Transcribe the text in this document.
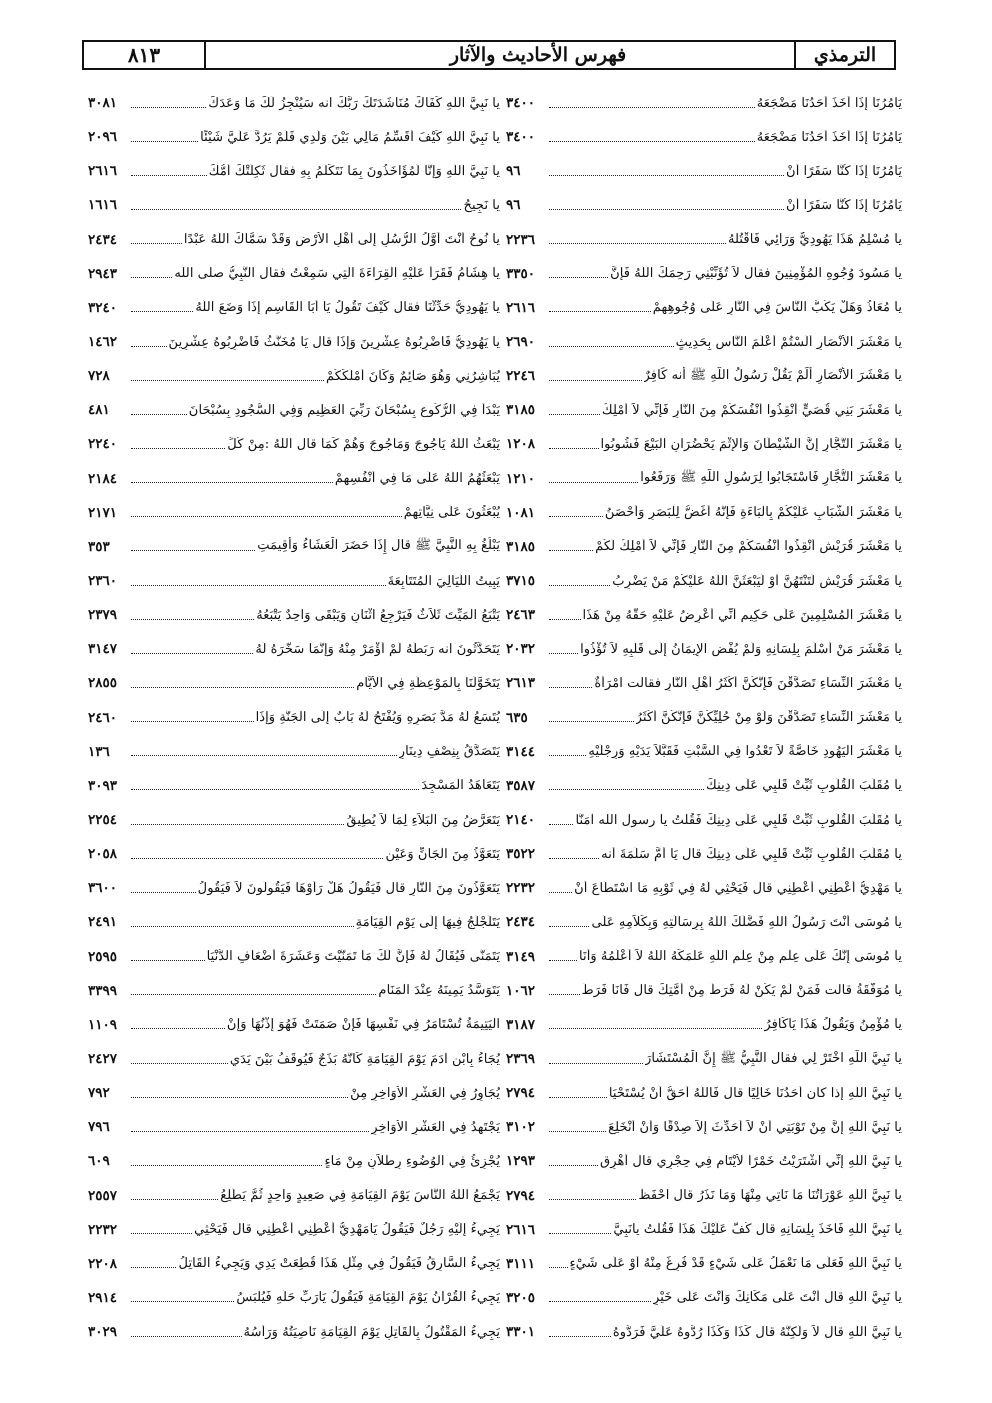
الترمذي
فهرس الأحاديث والآثار
٨١٣
يَأْمُرُنَا إِذَا أَخَذَ أَحَدُنَا مَضْجَعَهُ
٣٤٠٠
يَأْمُرُنَا إِذَا أَخَذَ أَحَدُنَا مَضْجَعَهُ
٣٤٠٠
يَأْمُرُنَا إِذَا كُنَّا سَفَرًا أَنْ
٩٦
يَأْمُرُنَا إِذَا كُنَّا سَفَرًا أَنْ
٩٦
يا مُسْلِمُ هَذَا يَهُودِيٌّ وَرَائِي فَاقْتُلْهُ
٢٢٣٦
يا مَسُودَ وُجُوهِ الْمُؤْمِنِينَ فقال لاَ تُؤَنِّبْنِي رَحِمَكَ اللَّهُ فَإِنَّ
٣٣٥٠
يا مُعَاذُ وَهَلْ يَكُبُّ النَّاسَ فِي النَّارِ عَلَى وُجُوهِهِمْ
٢٦١٦
يا مَعْشَرَ الأَنْصَارِ أَلَسْتُمْ أَعْلَمَ النَّاسِ بِحَدِيثٍ
٢٦٩٠
يا مَعْشَرَ الأَنْصَارِ أَلَمْ يَقُلْ رَسُولُ اللَّهِ ﷺ أنه كَافِرٌ
٢٢٤٦
يا مَعْشَرَ بَنِي قُصَيٍّ أَنْقِذُوا أَنْفُسَكُمْ مِنَ النَّارِ فَإِنِّي لاَ أَمْلِكُ
٣١٨٥
يا مَعْشَرَ التُّجَّارِ إِنَّ الشَّيْطَانَ وَالإِثْمَ يَحْضُرَانِ الْبَيْعَ فَشُوبُوا
١٢٠٨
يا مَعْشَرَ التُّجَّارِ فَاسْتَجَابُوا لِرَسُولِ اللَّهِ ﷺ وَرَفَعُوا
١٢١٠
يا مَعْشَرَ الشَّبَابِ عَلَيْكُمْ بِالْبَاءَةِ فَإِنَّهُ أَغَضُّ لِلْبَصَرِ وَأَحْصَنُ
١٠٨١
يا مَعْشَرَ قُرَيْشٍ أَنْقِذُوا أَنْفُسَكُمْ مِنَ النَّارِ فَإِنِّي لاَ أَمْلِكُ لَكُمْ
٣١٨٥
يا مَعْشَرَ قُرَيْشٍ لَتَنْتَهُنَّ أَوْ لَيَبْعَثَنَّ اللَّهُ عَلَيْكُمْ مَنْ يَضْرِبُ
٣٧١٥
يا مَعْشَرَ الْمُسْلِمِينَ عَلَى حَكِيمٍ أَنِّي أَعْرِضُ عَلَيْهِ حَقَّهُ مِنْ هَذَا
٢٤٦٣
يا مَعْشَرَ مَنْ أَسْلَمَ بِلِسَانِهِ وَلَمْ يُفْضِ الإِيمَانُ إِلَى قَلْبِهِ لاَ تُؤْذُوا
٢٠٣٢
يا مَعْشَرَ النِّسَاءِ تَصَدَّقْنَ فَإِنَّكُنَّ أَكْثَرُ أَهْلِ النَّارِ فقالت امْرَأَةٌ
٢٦١٣
يا مَعْشَرَ النِّسَاءِ تَصَدَّقْنَ وَلَوْ مِنْ حُلِيِّكُنَّ فَإِنَّكُنَّ أَكْثَرُ
٦٣٥
يا مَعْشَرَ الْيَهُودِ خَاصَّةً لاَ تَعْدُوا فِي السَّبْتِ فَقَبَّلاَ يَدَيْهِ وَرِجْلَيْهِ
٣١٤٤
يا مُقَلِّبَ الْقُلُوبِ ثَبِّتْ قَلْبِي عَلَى دِينِكَ
٣٥٨٧
يا مُقَلِّبَ الْقُلُوبِ ثَبِّتْ قَلْبِي عَلَى دِينِكَ فَقُلْتُ يا رسول الله آمَنَّا
٢١٤٠
يا مُقَلِّبَ الْقُلُوبِ ثَبِّتْ قَلْبِي عَلَى دِينِكَ قال يَا أُمَّ سَلَمَةَ أنه
٣٥٢٢
يا مَهْدِيُّ أَعْطِنِي أَعْطِنِي قال فَيَحْثِي لَهُ فِي ثَوْبِهِ مَا اسْتَطَاعَ أَنْ
٢٢٣٢
يا مُوسَى أَنْتَ رَسُولُ اللَّهِ فَضَّلَكَ اللَّهُ بِرِسَالَتِهِ وَبِكَلاَمِهِ عَلَى
٢٤٣٤
يا مُوسَى إِنَّكَ عَلَى عِلْمٍ مِنْ عِلْمِ اللَّهِ عَلَّمَكَهُ اللَّهُ لاَ أَعْلَمُهُ وَأَنَا
٣١٤٩
يا مُوَفَّقَةُ قالت فَمَنْ لَمْ يَكُنْ لَهُ فَرَطٌ مِنْ أُمَّتِكَ قال فَأَنَا فَرَطُ
١٠٦٢
يا مُؤْمِنُ وَيَقُولُ هَذَا يَاكَافِرُ
٣١٨٧
يا نَبِيَّ اللَّهِ اخْتَرْ لِي فقال النَّبِيُّ ﷺ إِنَّ الْمُسْتَشَارَ
٢٣٦٩
يا نَبِيَّ اللَّهِ إذا كان أَحَدُنَا خَالِيًا قال فَاللَّهُ أَحَقُّ أَنْ يُسْتَحْيَا
٢٧٩٤
يا نَبِيَّ اللَّهِ إِنَّ مِنْ تَوْبَتِي أَنْ لاَ أُحَدِّثَ إِلاَّ صِدْقًا وَأَنْ أَنْخَلِعَ
٣١٠٢
يا نَبِيَّ اللَّهِ إِنِّي اشْتَرَيْتُ خَمْرًا لأَيْتَامٍ فِي حِجْرِي قال أَهْرِقِ
١٢٩٣
يا نَبِيَّ اللَّهِ عَوْرَاتُنَا مَا نَأْتِي مِنْهَا وَمَا نَذَرُ قال احْفَظْ
٢٧٩٤
يا نَبِيَّ اللَّهِ فَأَخَذَ بِلِسَانِهِ قال كُفَّ عَلَيْكَ هَذَا فَقُلْتُ يانَبِيَّ
٢٦١٦
يا نَبِيَّ اللَّهِ فَعَلَى مَا نَعْمَلُ عَلَى شَيْءٍ قَدْ فُرِغَ مِنْهُ أَوْ عَلَى شَيْءٍ
٣١١١
يا نَبِيَّ اللَّهِ قال أَنْتَ عَلَى مَكَانِكَ وَأَنْتَ عَلَى خَيْرٍ
٣٢٠٥
يا نَبِيَّ اللَّهِ قال لاَ وَلَكِنَّهُ قال كَذَا وَكَذَا رُدُّوهُ عَلَيَّ فَرَدُّوهُ
٣٣٠١
يا نَبِيَّ اللَّهِ كَفَاكَ مُنَاشَدَتَكَ رَبَّكَ انه سَيُنْجِزُ لَكَ مَا وَعَدَكَ
٣٠٨١
يا نَبِيَّ اللَّهِ كَيْفَ أُقَسِّمُ مَالِي بَيْنَ وَلَدِي فَلَمْ يَرُدَّ عَلَيَّ شَيْئًا
٢٠٩٦
يا نَبِيَّ اللَّهِ وَإِنَّا لَمُؤَاخَذُونَ بِمَا نَتَكَلَّمُ بِهِ فقال ثَكِلَتْكَ أُمُّكَ
٢٦١٦
يا نَجِيحُ
١٦١٦
يا نُوحُ أَنْتَ أَوَّلُ الرُّسُلِ إِلَى أَهْلِ الأَرْضِ وَقَدْ سَمَّاكَ اللَّهُ عَبْدًا
٢٤٣٤
يا هِشَامُ فَقَرَأَ عَلَيْهِ الْقِرَاءَةَ الَّتِي سَمِعْتُ فقال النَّبِيُّ صلى الله
٢٩٤٣
يا يَهُودِيُّ حَدِّثْنَا فقال كَيْفَ تَقُولُ يَا أَبَا الْقَاسِمِ إِذَا وَضَعَ اللَّهُ
٣٢٤٠
يا يَهُودِيُّ فَاضْرِبُوهُ عِشْرِينَ وَإِذَا قال يَا مُخَنَّثُ فَاضْرِبُوهُ عِشْرِينَ
١٤٦٢
يُبَاشِرُنِي وَهُوَ صَائِمٌ وَكَانَ أَمْلَكَكُمْ
٧٢٨
يَبْدَأُ فِي الرُّكُوعِ بِسُبْحَانَ رَبِّيَ الْعَظِيمِ وَفِي السُّجُودِ بِسُبْحَانَ
٤٨١
يَبْعَثُ اللَّهُ يَأْجُوجَ وَمَأْجُوجَ وَهُمْ كَمَا قال اللَّهُ :مِنْ كُلِّ
٢٢٤٠
يَبْعَثُهُمُ اللَّهُ عَلَى مَا فِي أَنْفُسِهِمْ
٢١٨٤
يُبْعَثُونَ عَلَى نِيَّاتِهِمْ
٢١٧١
يَبْلُغُ بِهِ النَّبِيَّ ﷺ قال إِذَا حَضَرَ الْعَشَاءُ وَأُقِيمَتِ
٣٥٣
يَبِيتُ اللَّيَالِيَ الْمُتَتَابِعَةَ
٢٣٦٠
يَتْبَعُ الْمَيِّتَ ثَلاَثٌ فَيَرْجِعُ اثْنَانِ وَيَبْقَى وَاحِدٌ يَتْبَعُهُ
٢٣٧٩
يَتَحَدَّثُونَ انه رَبَطَهُ لَمْ أُؤْمَرْ مِنْهُ وَإِنَّمَا سَخَّرَهُ لَهُ
٣١٤٧
يَتَخَوَّلُنَا بِالْمَوْعِظَةِ فِي الأَيَّامِ
٢٨٥٥
يُتَسَعُ لَهُ مَدَّ بَصَرِهِ وَيُفْتَحُ لَهُ بَابٌ إِلَى الْجَنَّةِ وَإِذَا
٢٤٦٠
يَتَصَدَّقُ بِنِصْفِ دِينَارٍ
١٣٦
يَتَعَاهَدُ الْمَسْجِدَ
٣٠٩٣
يَتَعَرَّضُ مِنَ الْبَلاَءِ لِمَا لاَ يُطِيقُ
٢٢٥٤
يَتَعَوَّذُ مِنَ الْجَانِّ وَعَيْنِ
٢٠٥٨
يَتَعَوَّذُونَ مِنَ النَّارِ قال فَيَقُولُ هَلْ رَأَوْهَا فَيَقُولُونَ لاَ فَيَقُولُ
٣٦٠٠
يَتَلَجْلَجُ فِيهَا إِلَى يَوْمِ الْقِيَامَةِ
٢٤٩١
يَتَمَنَّى فَيُقَالُ لَهُ فَإِنَّ لَكَ مَا تَمَنَّيْتَ وَعَشَرَةَ أَضْعَافِ الدُّنْيَا
٢٥٩٥
يَتَوَسَّدُ يَمِينَهُ عِنْدَ الْمَنَامِ
٣٣٩٩
الْيَتِيمَةُ تُسْتَأْمَرُ فِي نَفْسِهَا فَإِنْ صَمَتَتْ فَهُوَ إِذْنُهَا وَإِنْ
١١٠٩
يُجَاءُ بِابْنِ آدَمَ يَوْمَ الْقِيَامَةِ كَأَنَّهُ بَذَجٌ فَيُوقَفُ بَيْنَ يَدَيِ
٢٤٢٧
يُجَاوِرُ فِي الْعَشْرِ الأَوَاخِرِ مِنْ
٧٩٢
يَجْتَهِدُ فِي الْعَشْرِ الأَوَاخِرِ
٧٩٦
يُجْزِئُ فِي الْوُضُوءِ رِطْلاَنِ مِنْ مَاءٍ
٦٠٩
يَجْمَعُ اللَّهُ النَّاسَ يَوْمَ الْقِيَامَةِ فِي صَعِيدٍ وَاحِدٍ ثُمَّ يَطَّلِعُ
٢٥٥٧
يَجِيءُ إِلَيْهِ رَجُلٌ فَيَقُولُ يَامَهْدِيُّ أَعْطِنِي أَعْطِنِي قال فَيَحْثِي
٢٢٣٢
يَجِيءُ السَّارِقُ فَيَقُولُ فِي مِثْلِ هَذَا قُطِعَتْ يَدِي وَيَجِيءُ الْقَاتِلُ
٢٢٠٨
يَجِيءُ الْقُرْآنُ يَوْمَ الْقِيَامَةِ فَيَقُولُ يَارَبِّ حَلِّهِ فَيُلْبَسُ
٢٩١٤
يَجِيءُ الْمَقْتُولُ بِالْقَاتِلِ يَوْمَ الْقِيَامَةِ نَاصِيَتُهُ وَرَأْسُهُ
٣٠٢٩
